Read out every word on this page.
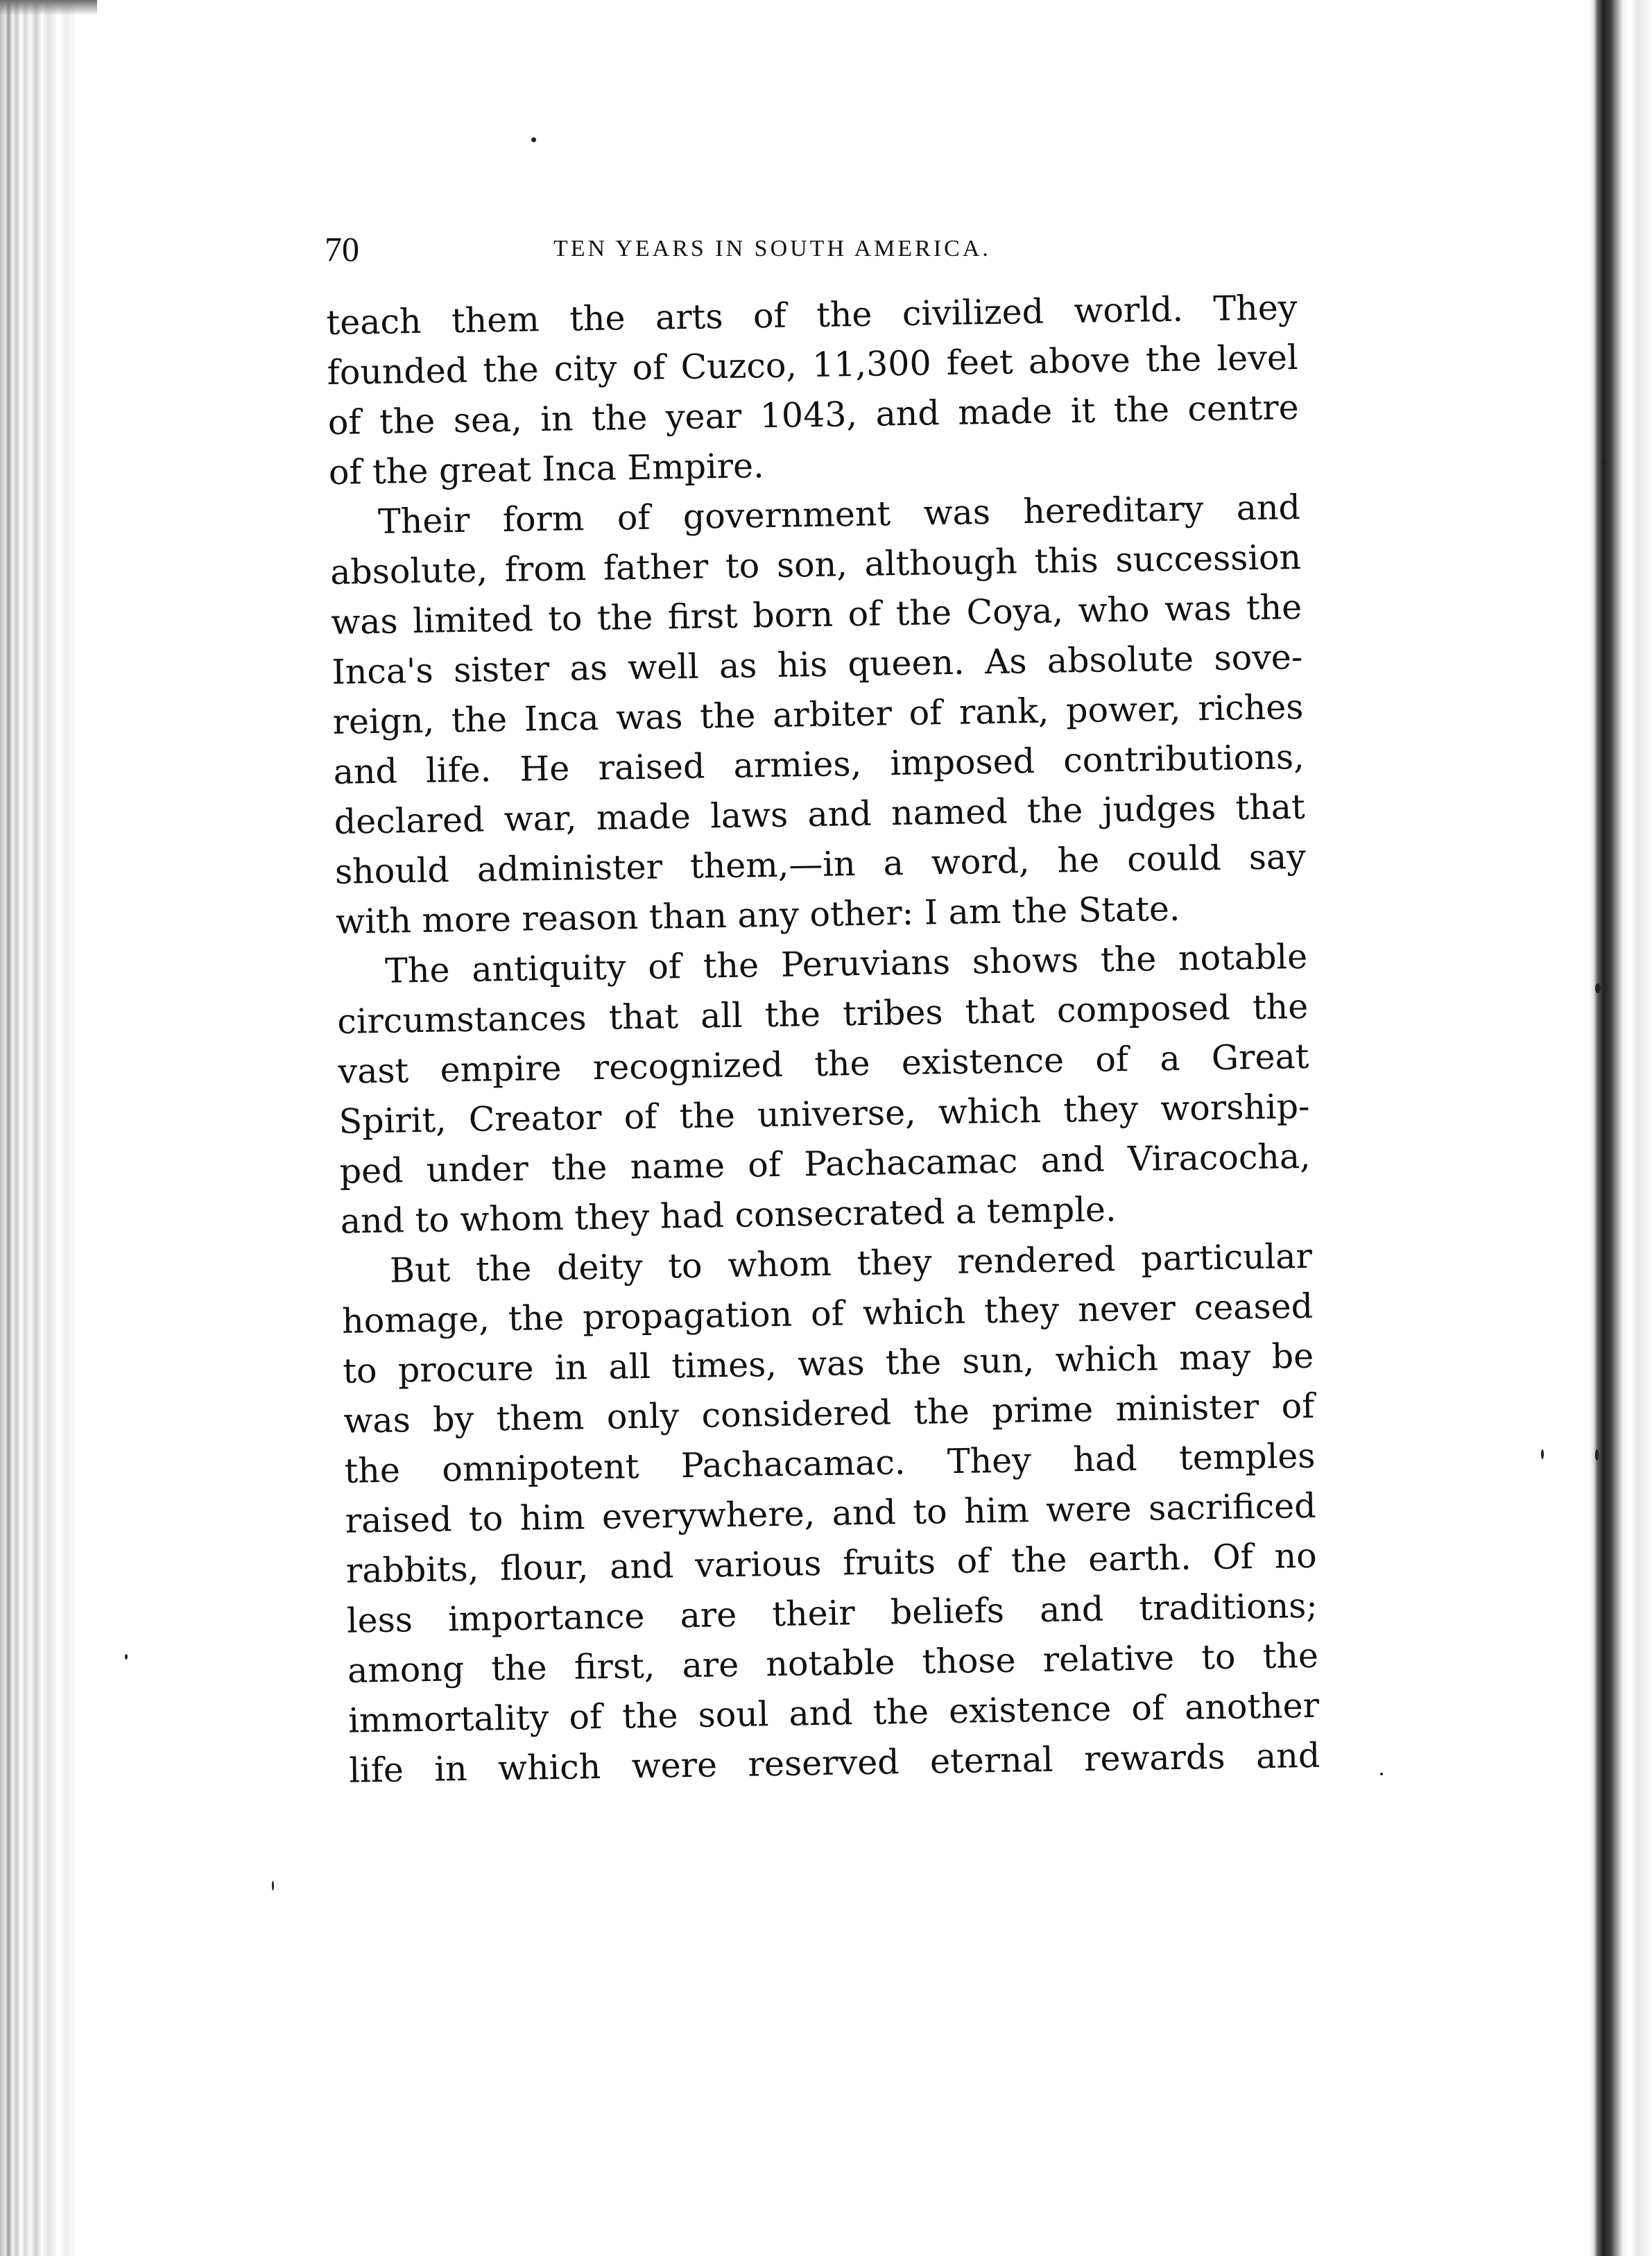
70	TEN YEARS IN SOUTH AMERICA.

teach them the arts of the civilized world. They
founded the city of Cuzco, 11,300 feet above the level
of the sea, in the year 1043, and made it the centre
of the great Inca Empire.

Their form of government was hereditary and
absolute, from father to son, although this succession
was limited to the first born of the Coya, who was the
Inca's sister as well as his queen. As absolute sove-
reign, the Inca was the arbiter of rank, power, riches
and life. He raised armies, imposed contributions,
declared war, made laws and named the judges that
should administer them,—in a word, he could say
with more reason than any other: I am the State.

The antiquity of the Peruvians shows the notable
circumstances that all the tribes that composed the
vast empire recognized the existence of a Great
Spirit, Creator of the universe, which they worship-
ped under the name of Pachacamac and Viracocha,
and to whom they had consecrated a temple.

But the deity to whom they rendered particular
homage, the propagation of which they never ceased
to procure in all times, was the sun, which may be
was by them only considered the prime minister of
the omnipotent Pachacamac. They had temples
raised to him everywhere, and to him were sacrificed
rabbits, flour, and various fruits of the earth. Of no
less importance are their beliefs and traditions;
among the first, are notable those relative to the
immortality of the soul and the existence of another
life in which were reserved eternal rewards and
